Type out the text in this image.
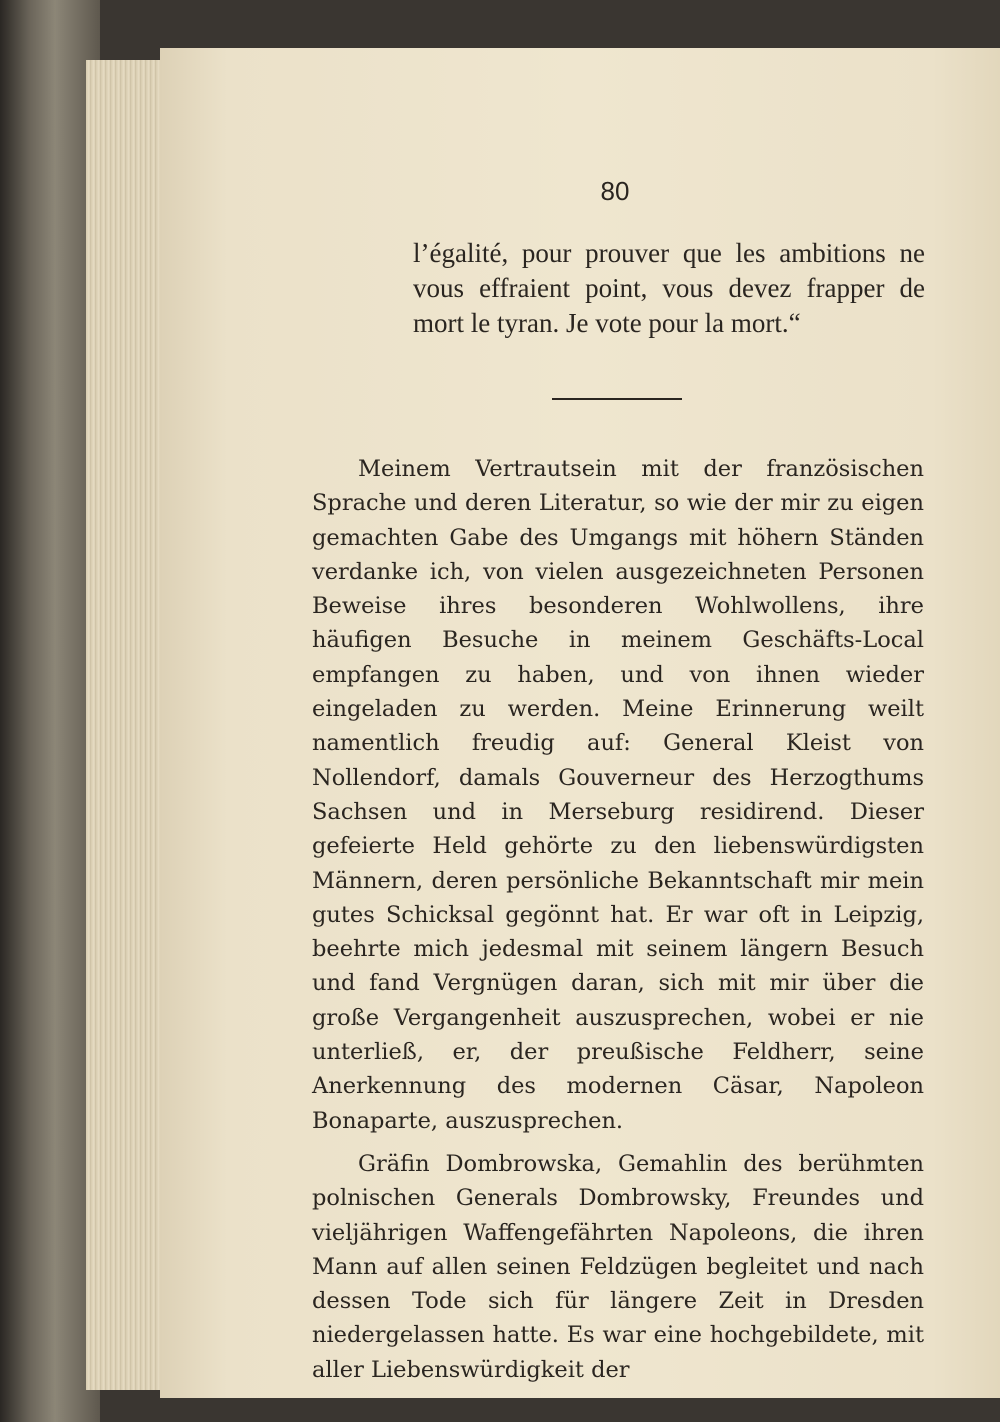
80

l’égalité, pour prouver que les ambitions ne vous effraient point, vous devez frapper de mort le tyran. Je vote pour la mort.“

Meinem Vertrautsein mit der französischen Sprache und deren Literatur, so wie der mir zu eigen gemachten Gabe des Umgangs mit höhern Ständen verdanke ich, von vielen ausgezeichneten Personen Beweise ihres besonderen Wohlwollens, ihre häufigen Besuche in meinem Geschäfts-Local empfangen zu haben, und von ihnen wieder eingeladen zu werden. Meine Erinnerung weilt namentlich freudig auf: General Kleist von Nollendorf, damals Gouverneur des Herzogthums Sachsen und in Merseburg residirend. Dieser gefeierte Held gehörte zu den liebenswürdigsten Männern, deren persönliche Bekanntschaft mir mein gutes Schicksal gegönnt hat. Er war oft in Leipzig, beehrte mich jedesmal mit seinem längern Besuch und fand Vergnügen daran, sich mit mir über die große Vergangenheit auszusprechen, wobei er nie unterließ, er, der preußische Feldherr, seine Anerkennung des modernen Cäsar, Napoleon Bonaparte, auszusprechen.

Gräfin Dombrowska, Gemahlin des berühmten polnischen Generals Dombrowsky, Freundes und vieljährigen Waffengefährten Napoleons, die ihren Mann auf allen seinen Feldzügen begleitet und nach dessen Tode sich für längere Zeit in Dresden niedergelassen hatte. Es war eine hochgebildete, mit aller Liebenswürdigkeit der
